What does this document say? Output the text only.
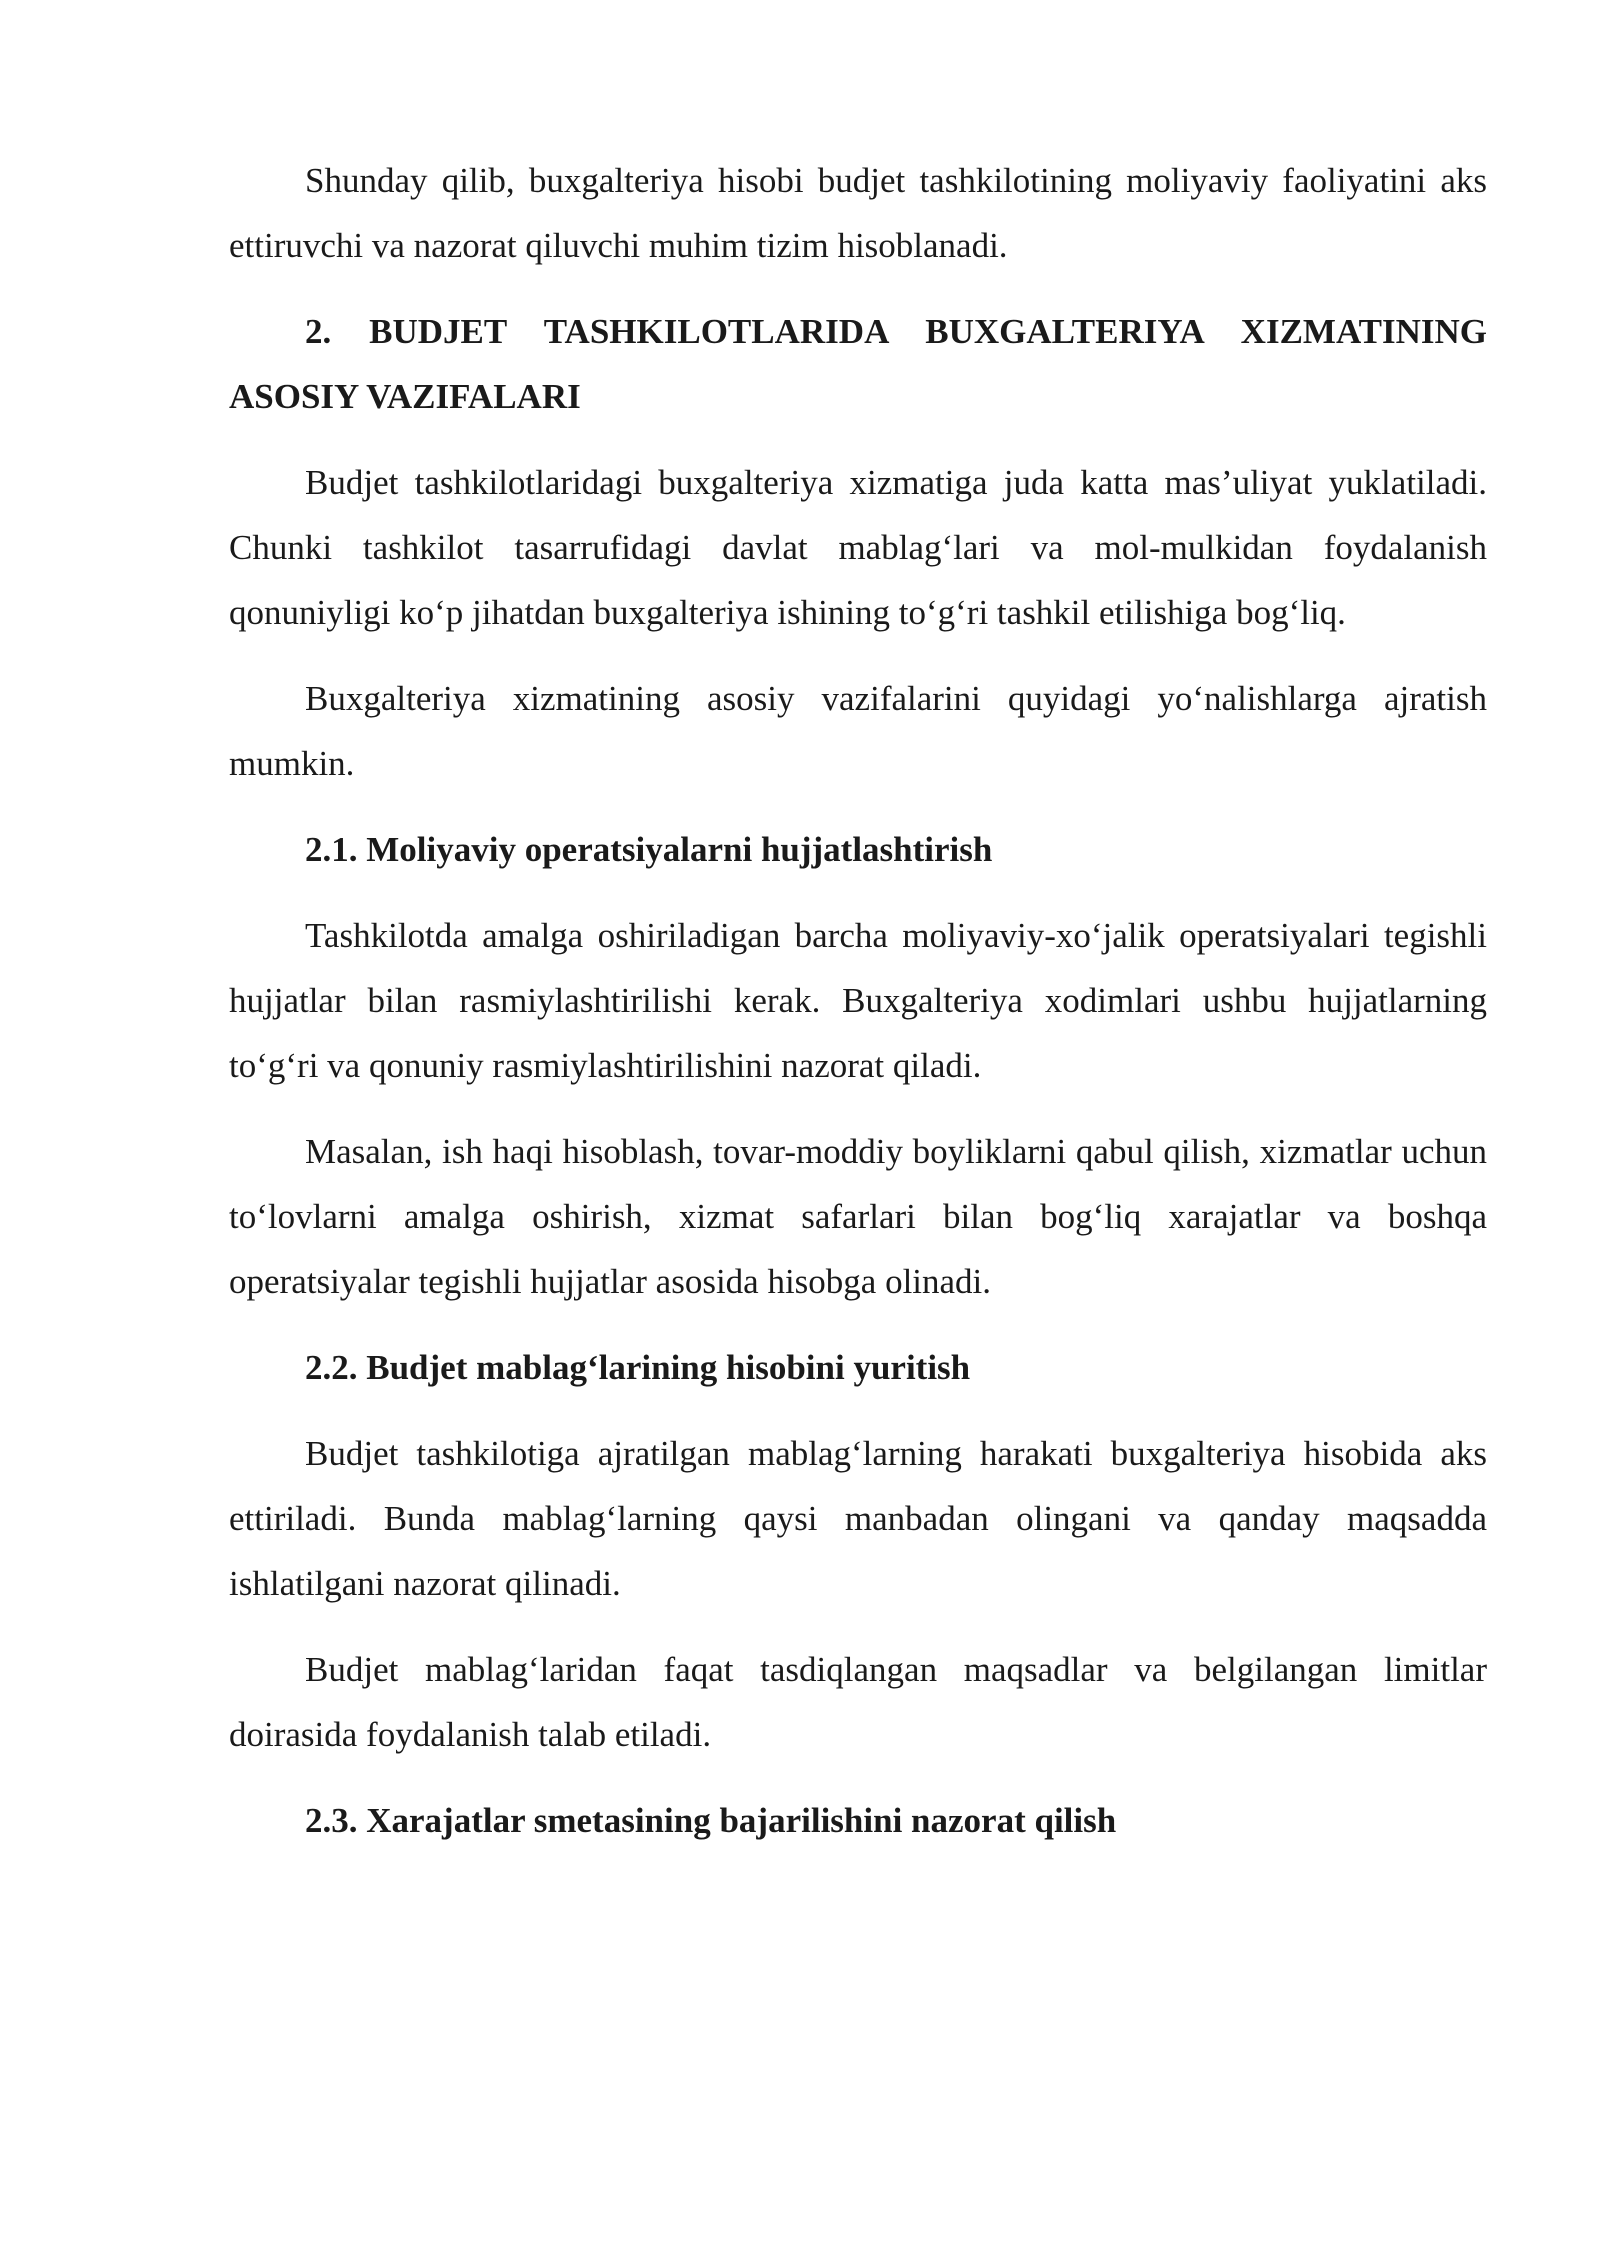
Shunday qilib, buxgalteriya hisobi budjet tashkilotining moliyaviy faoliyatini aks ettiruvchi va nazorat qiluvchi muhim tizim hisoblanadi.

2. BUDJET TASHKILOTLARIDA BUXGALTERIYA XIZMATINING ASOSIY VAZIFALARI

Budjet tashkilotlaridagi buxgalteriya xizmatiga juda katta mas’uliyat yuklatiladi. Chunki tashkilot tasarrufidagi davlat mablag‘lari va mol-mulkidan foydalanish qonuniyligi ko‘p jihatdan buxgalteriya ishining to‘g‘ri tashkil etilishiga bog‘liq.

Buxgalteriya xizmatining asosiy vazifalarini quyidagi yo‘nalishlarga ajratish mumkin.

2.1. Moliyaviy operatsiyalarni hujjatlashtirish

Tashkilotda amalga oshiriladigan barcha moliyaviy-xo‘jalik operatsiyalari tegishli hujjatlar bilan rasmiylashtirilishi kerak. Buxgalteriya xodimlari ushbu hujjatlarning to‘g‘ri va qonuniy rasmiylashtirilishini nazorat qiladi.

Masalan, ish haqi hisoblash, tovar-moddiy boyliklarni qabul qilish, xizmatlar uchun to‘lovlarni amalga oshirish, xizmat safarlari bilan bog‘liq xarajatlar va boshqa operatsiyalar tegishli hujjatlar asosida hisobga olinadi.

2.2. Budjet mablag‘larining hisobini yuritish

Budjet tashkilotiga ajratilgan mablag‘larning harakati buxgalteriya hisobida aks ettiriladi. Bunda mablag‘larning qaysi manbadan olingani va qanday maqsadda ishlatilgani nazorat qilinadi.

Budjet mablag‘laridan faqat tasdiqlangan maqsadlar va belgilangan limitlar doirasida foydalanish talab etiladi.

2.3. Xarajatlar smetasining bajarilishini nazorat qilish
